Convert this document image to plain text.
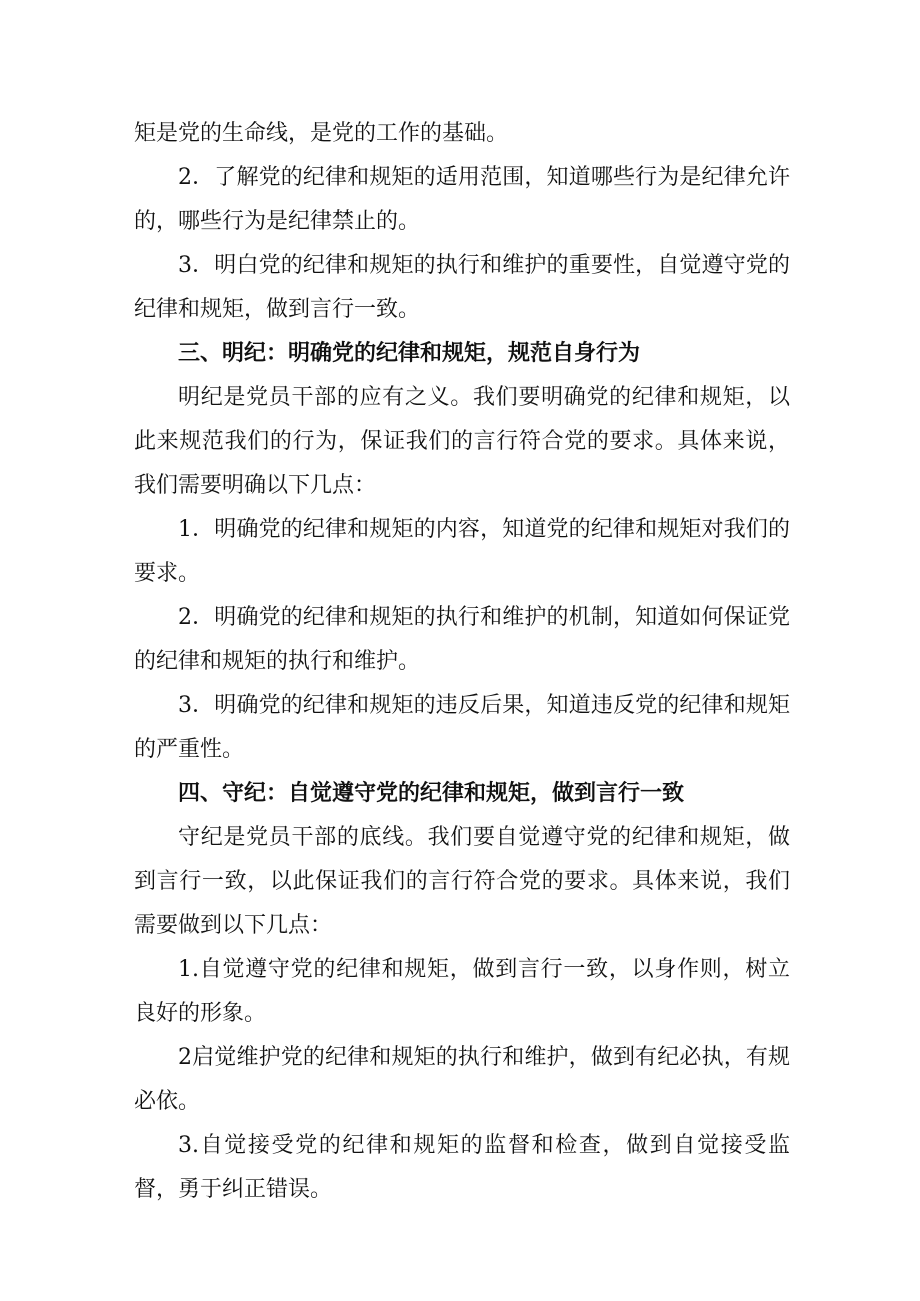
矩是党的生命线，是党的工作的基础。

2．了解党的纪律和规矩的适用范围，知道哪些行为是纪律允许的，哪些行为是纪律禁止的。

3．明白党的纪律和规矩的执行和维护的重要性，自觉遵守党的纪律和规矩，做到言行一致。

三、明纪：明确党的纪律和规矩，规范自身行为

明纪是党员干部的应有之义。我们要明确党的纪律和规矩，以此来规范我们的行为，保证我们的言行符合党的要求。具体来说，我们需要明确以下几点：

1．明确党的纪律和规矩的内容，知道党的纪律和规矩对我们的要求。

2．明确党的纪律和规矩的执行和维护的机制，知道如何保证党的纪律和规矩的执行和维护。

3．明确党的纪律和规矩的违反后果，知道违反党的纪律和规矩的严重性。

四、守纪：自觉遵守党的纪律和规矩，做到言行一致

守纪是党员干部的底线。我们要自觉遵守党的纪律和规矩，做到言行一致，以此保证我们的言行符合党的要求。具体来说，我们需要做到以下几点：

1.自觉遵守党的纪律和规矩，做到言行一致，以身作则，树立良好的形象。

2启觉维护党的纪律和规矩的执行和维护，做到有纪必执，有规必依。

3.自觉接受党的纪律和规矩的监督和检查，做到自觉接受监督，勇于纠正错误。
